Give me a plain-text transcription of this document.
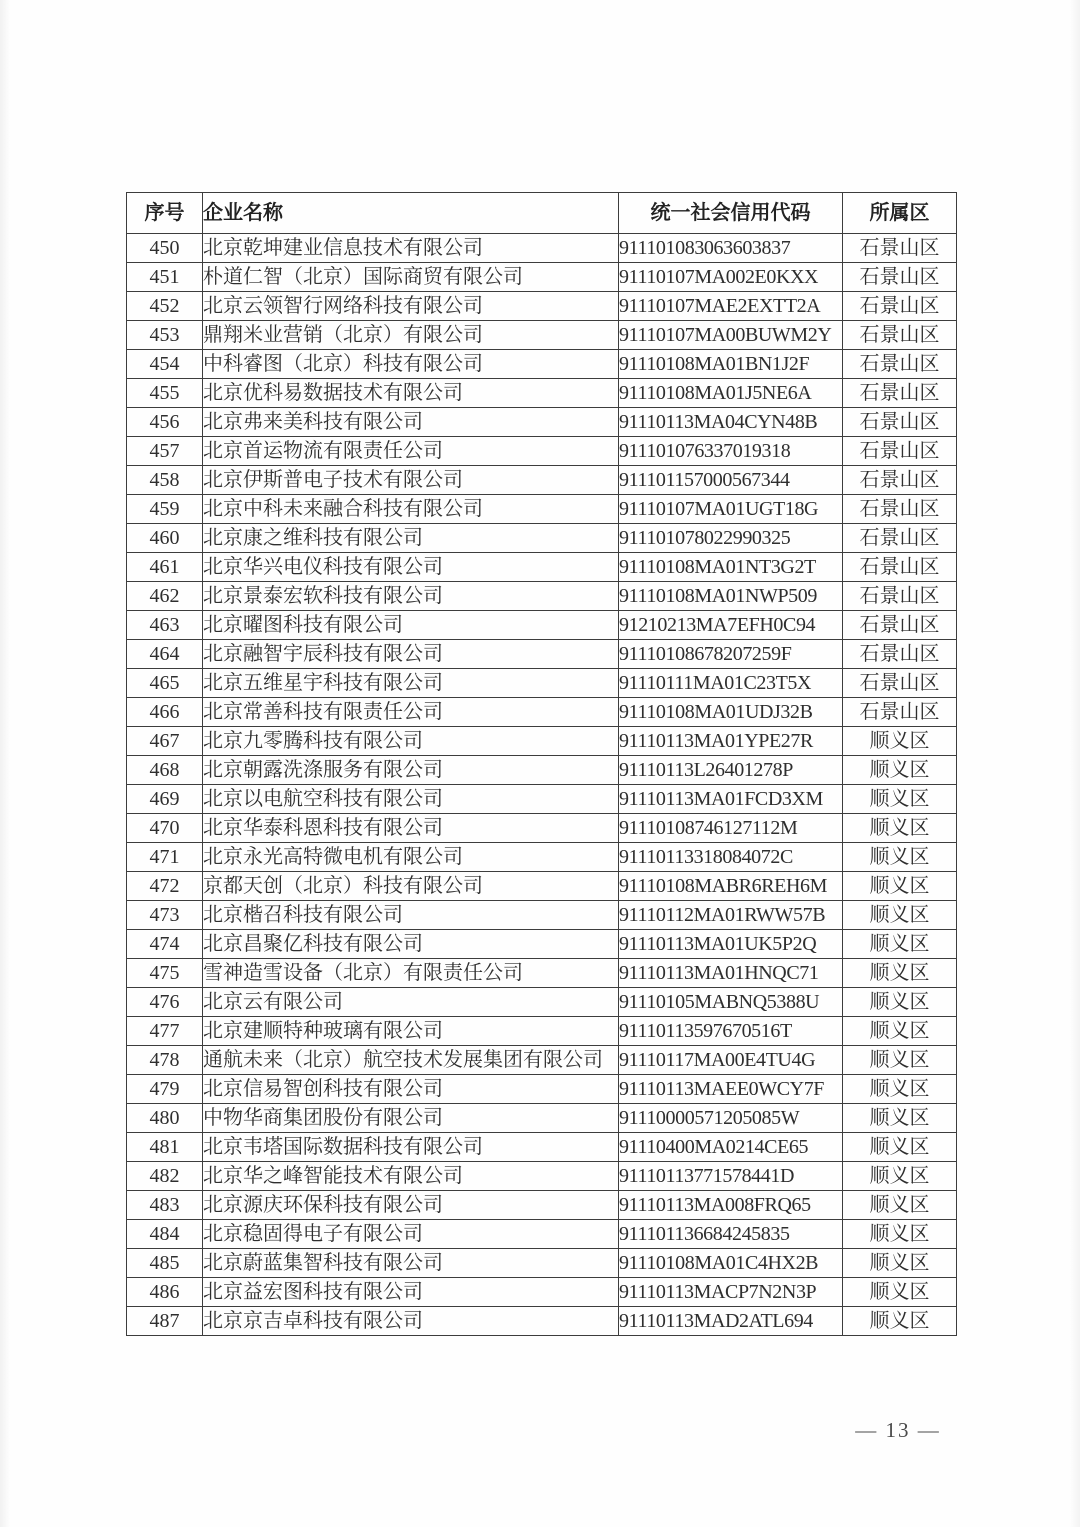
序号	企业名称	统一社会信用代码	所属区
450	北京乾坤建业信息技术有限公司	911101083063603837	石景山区
451	朴道仁智（北京）国际商贸有限公司	91110107MA002E0KXX	石景山区
452	北京云领智行网络科技有限公司	91110107MAE2EXTT2A	石景山区
453	鼎翔米业营销（北京）有限公司	91110107MA00BUWM2Y	石景山区
454	中科睿图（北京）科技有限公司	91110108MA01BN1J2F	石景山区
455	北京优科易数据技术有限公司	91110108MA01J5NE6A	石景山区
456	北京弗来美科技有限公司	91110113MA04CYN48B	石景山区
457	北京首运物流有限责任公司	911101076337019318	石景山区
458	北京伊斯普电子技术有限公司	911101157000567344	石景山区
459	北京中科未来融合科技有限公司	91110107MA01UGT18G	石景山区
460	北京康之维科技有限公司	911101078022990325	石景山区
461	北京华兴电仪科技有限公司	91110108MA01NT3G2T	石景山区
462	北京景泰宏软科技有限公司	91110108MA01NWP509	石景山区
463	北京曜图科技有限公司	91210213MA7EFH0C94	石景山区
464	北京融智宇辰科技有限公司	91110108678207259F	石景山区
465	北京五维星宇科技有限公司	91110111MA01C23T5X	石景山区
466	北京常善科技有限责任公司	91110108MA01UDJ32B	石景山区
467	北京九零腾科技有限公司	91110113MA01YPE27R	顺义区
468	北京朝露洗涤服务有限公司	91110113L26401278P	顺义区
469	北京以电航空科技有限公司	91110113MA01FCD3XM	顺义区
470	北京华泰科恩科技有限公司	91110108746127112M	顺义区
471	北京永光高特微电机有限公司	91110113318084072C	顺义区
472	京都天创（北京）科技有限公司	91110108MABR6REH6M	顺义区
473	北京楷召科技有限公司	91110112MA01RWW57B	顺义区
474	北京昌聚亿科技有限公司	91110113MA01UK5P2Q	顺义区
475	雪神造雪设备（北京）有限责任公司	91110113MA01HNQC71	顺义区
476	北京云有限公司	91110105MABNQ5388U	顺义区
477	北京建顺特种玻璃有限公司	91110113597670516T	顺义区
478	通航未来（北京）航空技术发展集团有限公司	91110117MA00E4TU4G	顺义区
479	北京信易智创科技有限公司	91110113MAEE0WCY7F	顺义区
480	中物华商集团股份有限公司	91110000571205085W	顺义区
481	北京韦塔国际数据科技有限公司	91110400MA0214CE65	顺义区
482	北京华之峰智能技术有限公司	91110113771578441D	顺义区
483	北京源庆环保科技有限公司	91110113MA008FRQ65	顺义区
484	北京稳固得电子有限公司	911101136684245835	顺义区
485	北京蔚蓝集智科技有限公司	91110108MA01C4HX2B	顺义区
486	北京益宏图科技有限公司	91110113MACP7N2N3P	顺义区
487	北京京吉卓科技有限公司	91110113MAD2ATL694	顺义区
— 13 —
